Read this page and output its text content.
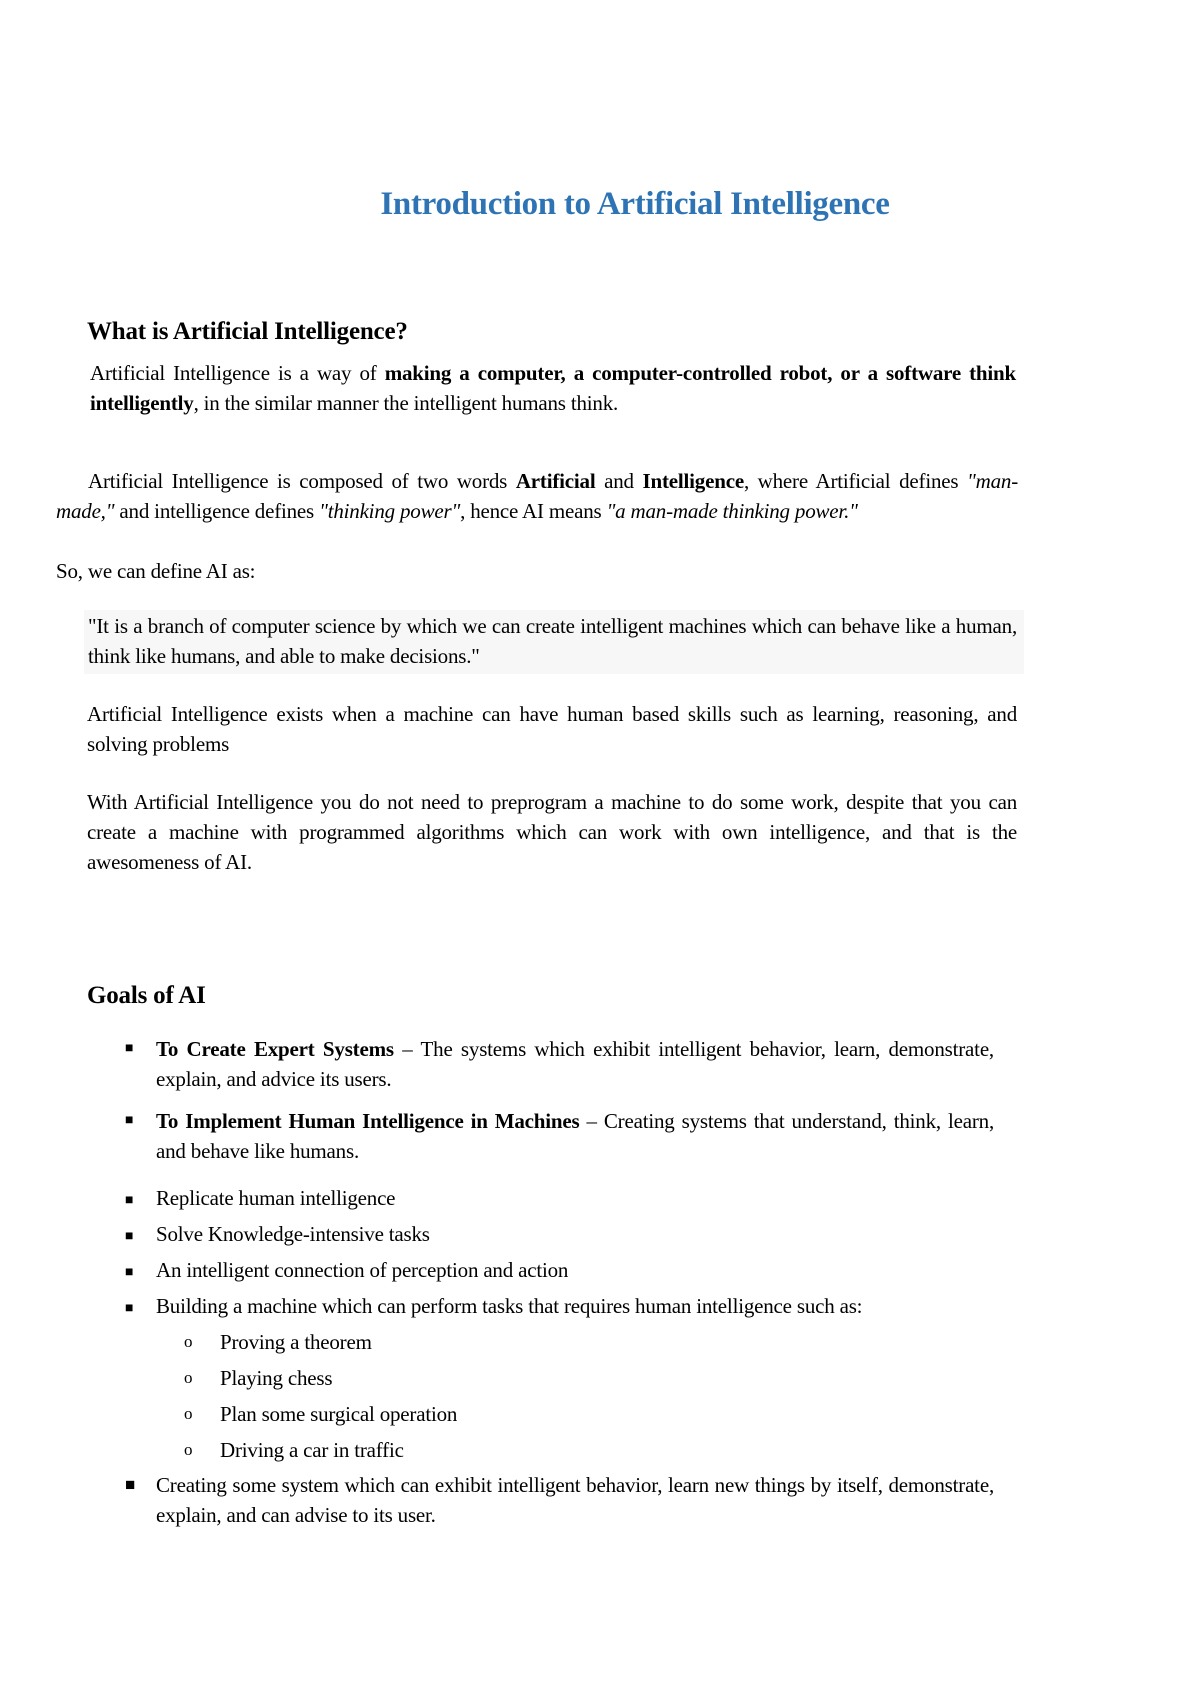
Introduction to Artificial Intelligence
What is Artificial Intelligence?

Artificial Intelligence is a way of making a computer, a computer-controlled robot, or a software think intelligently, in the similar manner the intelligent humans think.

Artificial Intelligence is composed of two words Artificial and Intelligence, where Artificial defines "man-made," and intelligence defines "thinking power", hence AI means "a man-made thinking power."

So, we can define AI as:

"It is a branch of computer science by which we can create intelligent machines which can behave like a human, think like humans, and able to make decisions."

Artificial Intelligence exists when a machine can have human based skills such as learning, reasoning, and solving problems

With Artificial Intelligence you do not need to preprogram a machine to do some work, despite that you can create a machine with programmed algorithms which can work with own intelligence, and that is the awesomeness of AI.

Goals of AI
■ To Create Expert Systems – The systems which exhibit intelligent behavior, learn, demonstrate, explain, and advice its users.
■ To Implement Human Intelligence in Machines – Creating systems that understand, think, learn, and behave like humans.
■ Replicate human intelligence
■ Solve Knowledge-intensive tasks
■ An intelligent connection of perception and action
■ Building a machine which can perform tasks that requires human intelligence such as:
o Proving a theorem
o Playing chess
o Plan some surgical operation
o Driving a car in traffic
■ Creating some system which can exhibit intelligent behavior, learn new things by itself, demonstrate, explain, and can advise to its user.
